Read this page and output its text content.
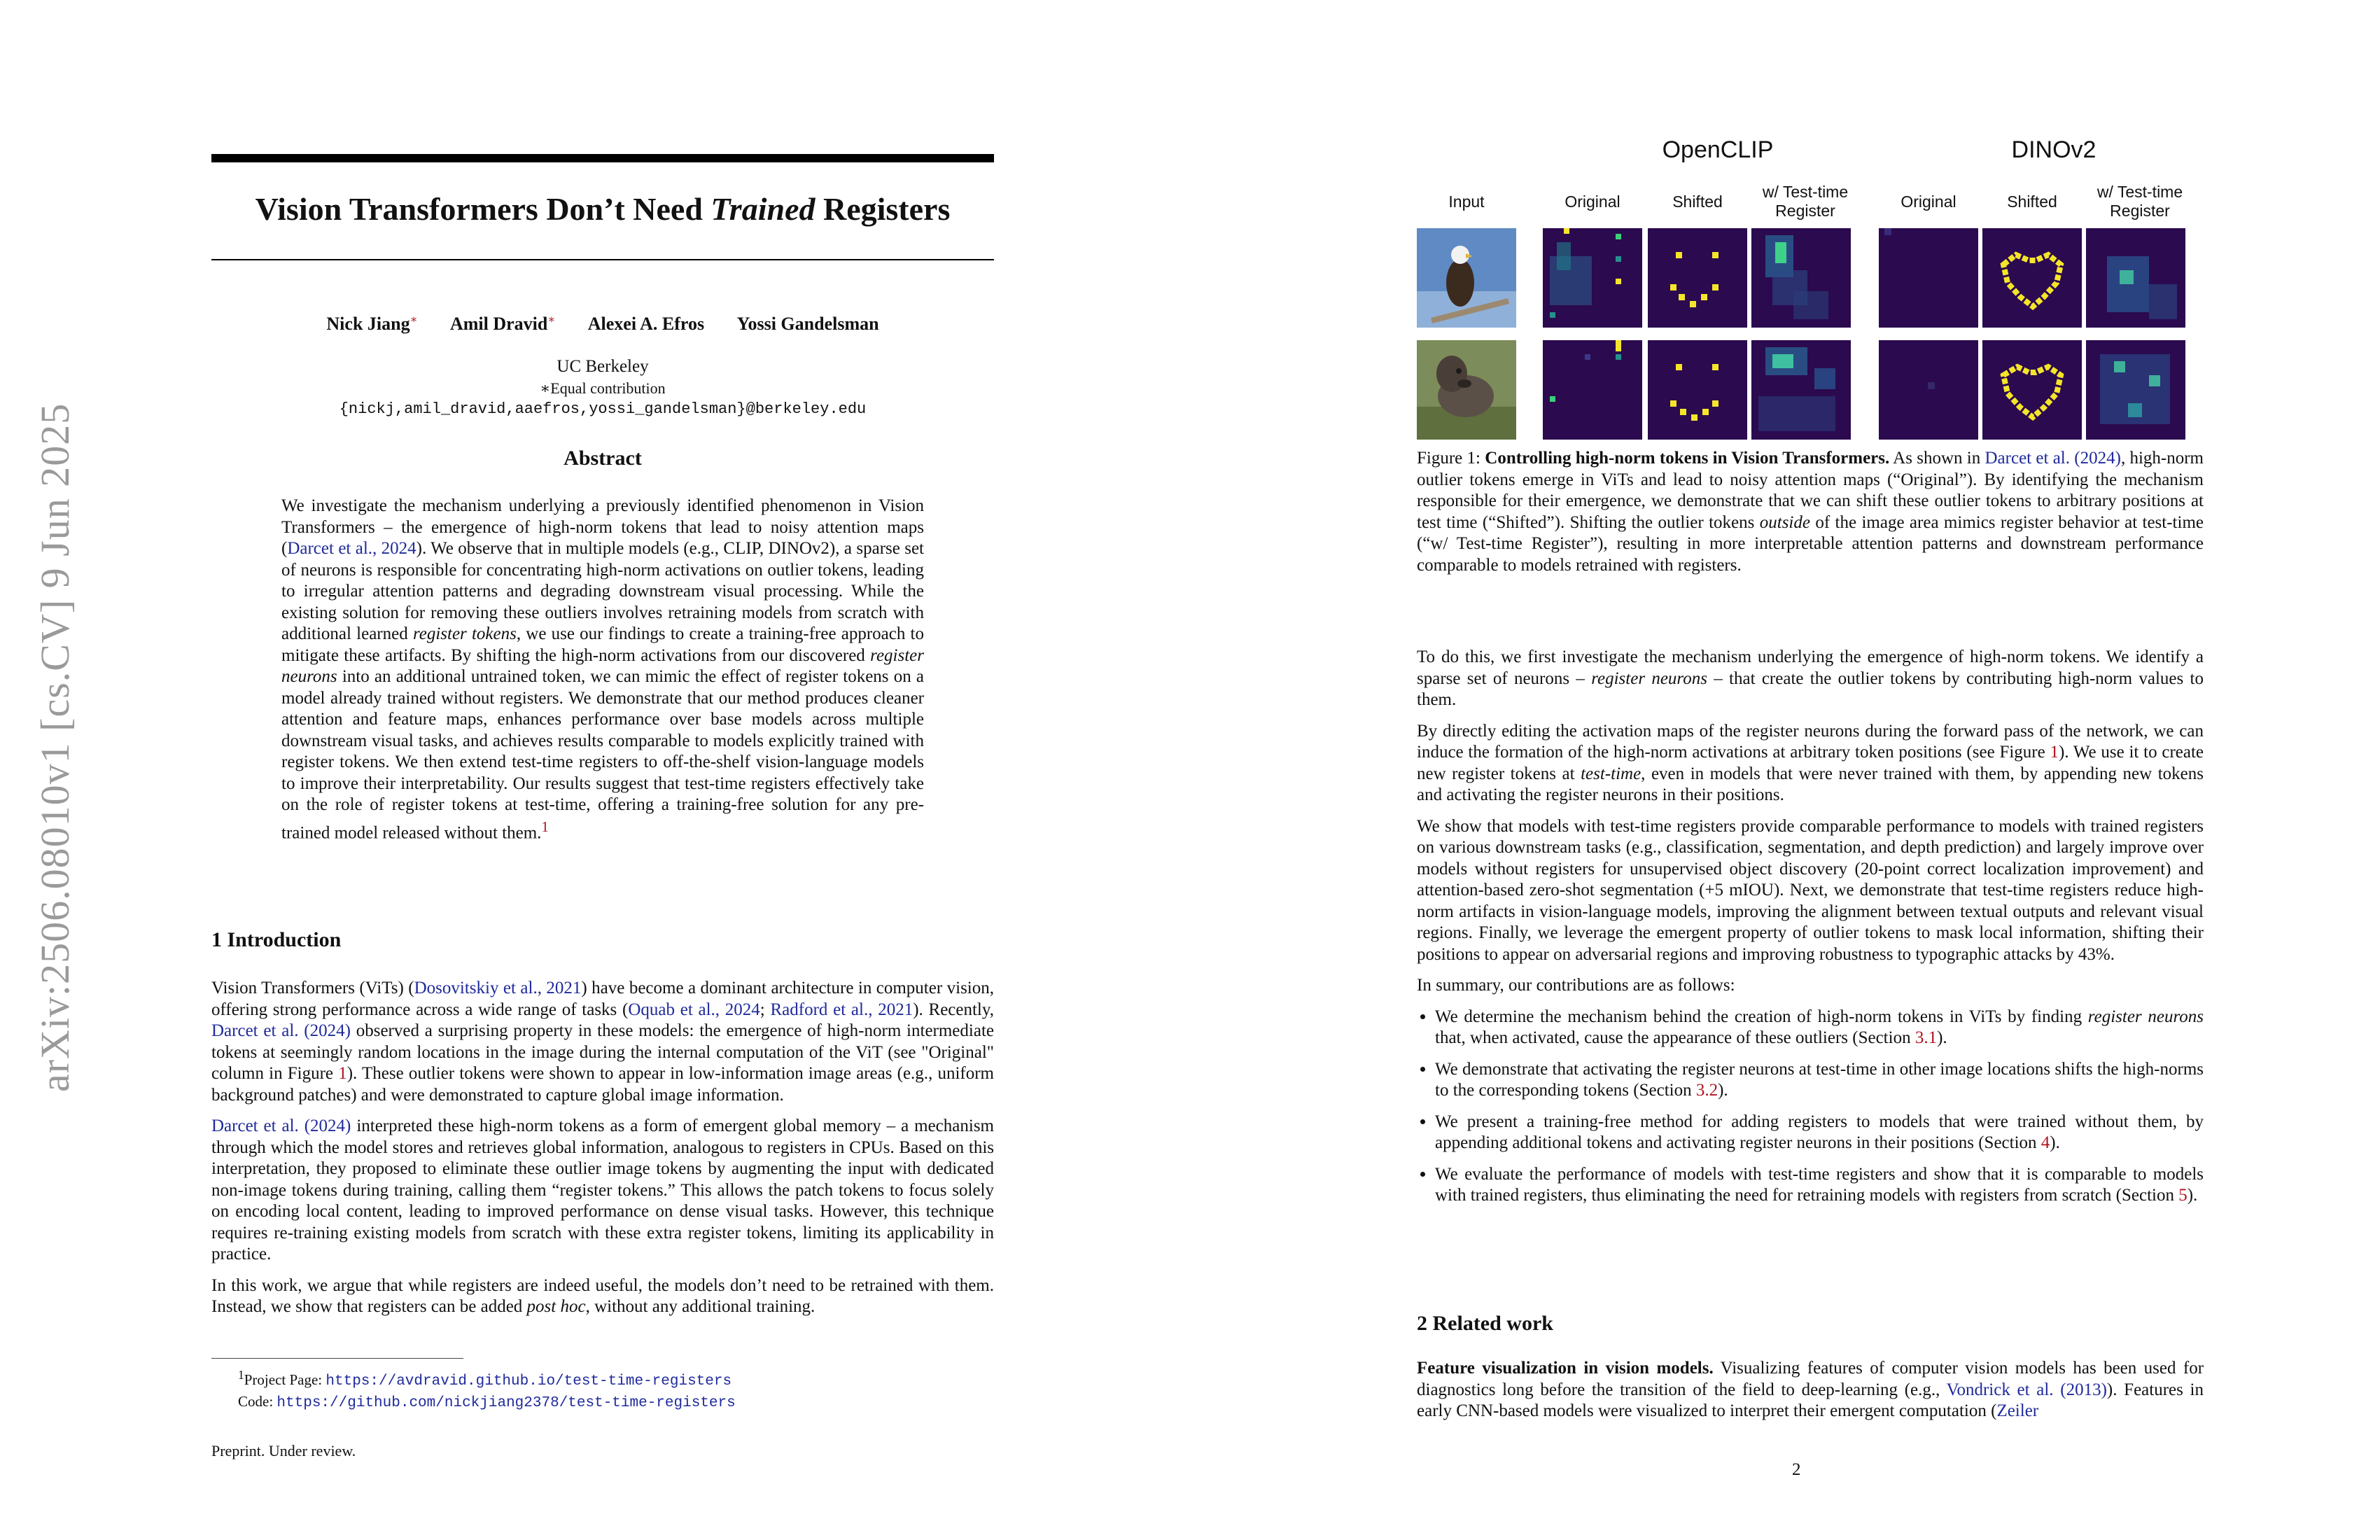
arXiv:2506.08010v1 [cs.CV] 9 Jun 2025
Vision Transformers Don’t Need Trained Registers
Nick Jiang∗ Amil Dravid∗ Alexei A. Efros Yossi Gandelsman
UC Berkeley
∗Equal contribution
{nickj,amil_dravid,aaefros,yossi_gandelsman}@berkeley.edu
Abstract

We investigate the mechanism underlying a previously identified phenomenon in Vision Transformers – the emergence of high-norm tokens that lead to noisy attention maps (Darcet et al., 2024). We observe that in multiple models (e.g., CLIP, DINOv2), a sparse set of neurons is responsible for concentrating high-norm activations on outlier tokens, leading to irregular attention patterns and degrading downstream visual processing. While the existing solution for removing these outliers involves retraining models from scratch with additional learned register tokens, we use our findings to create a training-free approach to mitigate these artifacts. By shifting the high-norm activations from our discovered register neurons into an additional untrained token, we can mimic the effect of register tokens on a model already trained without registers. We demonstrate that our method produces cleaner attention and feature maps, enhances performance over base models across multiple downstream visual tasks, and achieves results comparable to models explicitly trained with register tokens. We then extend test-time registers to off-the-shelf vision-language models to improve their interpretability. Our results suggest that test-time registers effectively take on the role of register tokens at test-time, offering a training-free solution for any pre-trained model released without them.$^1$

1 Introduction

Vision Transformers (ViTs) (Dosovitskiy et al., 2021) have become a dominant architecture in computer vision, offering strong performance across a wide range of tasks (Oquab et al., 2024; Radford et al., 2021). Recently, Darcet et al. (2024) observed a surprising property in these models: the emergence of high-norm intermediate tokens at seemingly random locations in the image during the internal computation of the ViT (see "Original" column in Figure 1). These outlier tokens were shown to appear in low-information image areas (e.g., uniform background patches) and were demonstrated to capture global image information.

Darcet et al. (2024) interpreted these high-norm tokens as a form of emergent global memory – a mechanism through which the model stores and retrieves global information, analogous to registers in CPUs. Based on this interpretation, they proposed to eliminate these outlier image tokens by augmenting the input with dedicated non-image tokens during training, calling them “register tokens.” This allows the patch tokens to focus solely on encoding local content, leading to improved performance on dense visual tasks. However, this technique requires re-training existing models from scratch with these extra register tokens, limiting its applicability in practice.

In this work, we argue that while registers are indeed useful, the models don’t need to be retrained with them. Instead, we show that registers can be added post hoc, without any additional training.

$^1$Project Page: https://avdravid.github.io/test-time-registers
Code: https://github.com/nickjiang2378/test-time-registers
Preprint. Under review.
OpenCLIP	DINOv2
Input	Original	Shifted
w/ Test-time Register	Original	Shifted
w/ Test-time Register

Figure 1: Controlling high-norm tokens in Vision Transformers. As shown in Darcet et al. (2024), high-norm outlier tokens emerge in ViTs and lead to noisy attention maps (“Original”). By identifying the mechanism responsible for their emergence, we demonstrate that we can shift these outlier tokens to arbitrary positions at test time (“Shifted”). Shifting the outlier tokens outside of the image area mimics register behavior at test-time (“w/ Test-time Register”), resulting in more interpretable attention patterns and downstream performance comparable to models retrained with registers.

To do this, we first investigate the mechanism underlying the emergence of high-norm tokens. We identify a sparse set of neurons – register neurons – that create the outlier tokens by contributing high-norm values to them.

By directly editing the activation maps of the register neurons during the forward pass of the network, we can induce the formation of the high-norm activations at arbitrary token positions (see Figure 1). We use it to create new register tokens at test-time, even in models that were never trained with them, by appending new tokens and activating the register neurons in their positions.

We show that models with test-time registers provide comparable performance to models with trained registers on various downstream tasks (e.g., classification, segmentation, and depth prediction) and largely improve over models without registers for unsupervised object discovery (20-point correct localization improvement) and attention-based zero-shot segmentation (+5 mIOU). Next, we demonstrate that test-time registers reduce high-norm artifacts in vision-language models, improving the alignment between textual outputs and relevant visual regions. Finally, we leverage the emergent property of outlier tokens to mask local information, shifting their positions to appear on adversarial regions and improving robustness to typographic attacks by 43%.

In summary, our contributions are as follows:

• We determine the mechanism behind the creation of high-norm tokens in ViTs by finding register neurons that, when activated, cause the appearance of these outliers (Section 3.1).
• We demonstrate that activating the register neurons at test-time in other image locations shifts the high-norms to the corresponding tokens (Section 3.2).
• We present a training-free method for adding registers to models that were trained without them, by appending additional tokens and activating register neurons in their positions (Section 4).
• We evaluate the performance of models with test-time registers and show that it is comparable to models with trained registers, thus eliminating the need for retraining models with registers from scratch (Section 5).
2 Related work

Feature visualization in vision models. Visualizing features of computer vision models has been used for diagnostics long before the transition of the field to deep-learning (e.g., Vondrick et al. (2013)). Features in early CNN-based models were visualized to interpret their emergent computation (Zeiler

2
